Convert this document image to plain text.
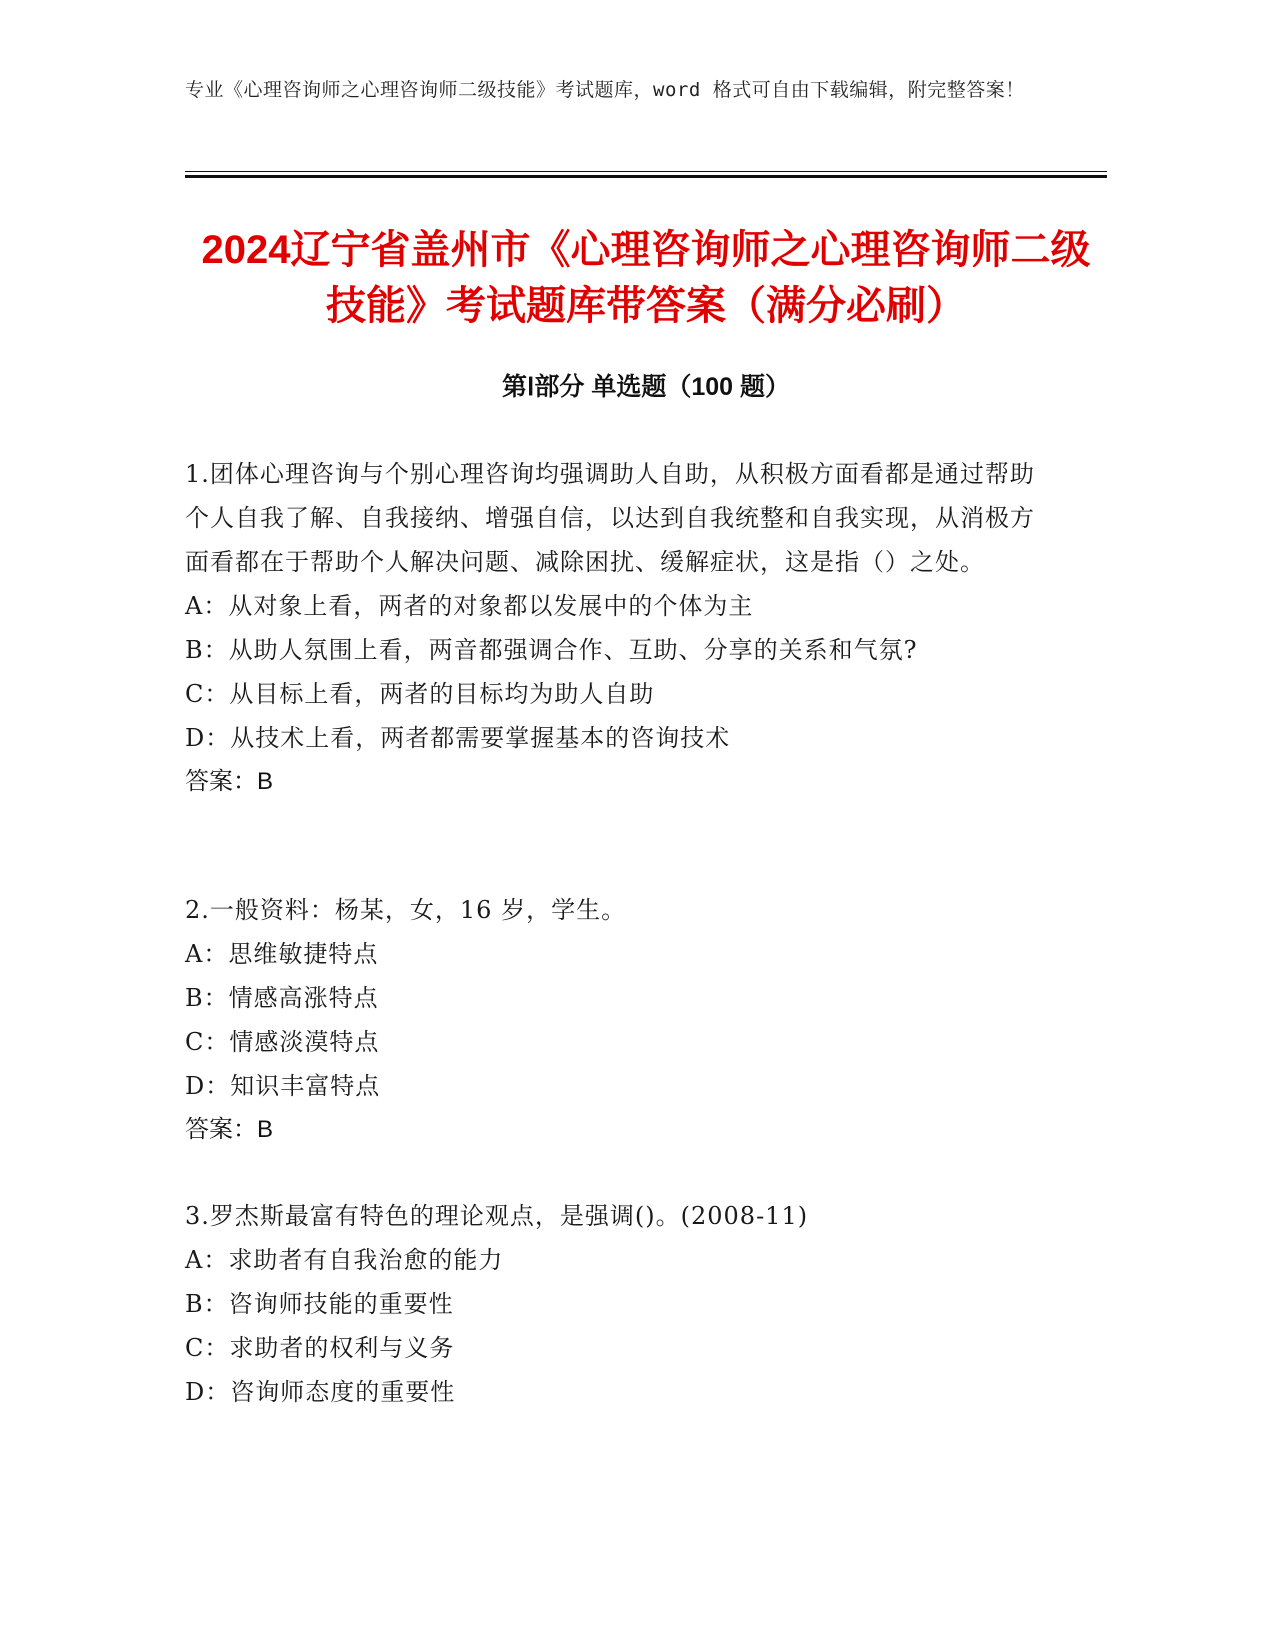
专业《心理咨询师之心理咨询师二级技能》考试题库，word 格式可自由下载编辑，附完整答案！
2024辽宁省盖州市《心理咨询师之心理咨询师二级技能》考试题库带答案（满分必刷）
第Ⅰ部分 单选题（100 题）
1.团体心理咨询与个别心理咨询均强调助人自助，从积极方面看都是通过帮助个人自我了解、自我接纳、增强自信，以达到自我统整和自我实现，从消极方面看都在于帮助个人解决问题、减除困扰、缓解症状，这是指（）之处。
A：从对象上看，两者的对象都以发展中的个体为主
B：从助人氛围上看，两音都强调合作、互助、分享的关系和气氛?
C：从目标上看，两者的目标均为助人自助
D：从技术上看，两者都需要掌握基本的咨询技术
答案：B
2.一般资料：杨某，女，16 岁，学生。
A：思维敏捷特点
B：情感高涨特点
C：情感淡漠特点
D：知识丰富特点
答案：B
3.罗杰斯最富有特色的理论观点，是强调()。(2008-11)
A：求助者有自我治愈的能力
B：咨询师技能的重要性
C：求助者的权利与义务
D：咨询师态度的重要性
